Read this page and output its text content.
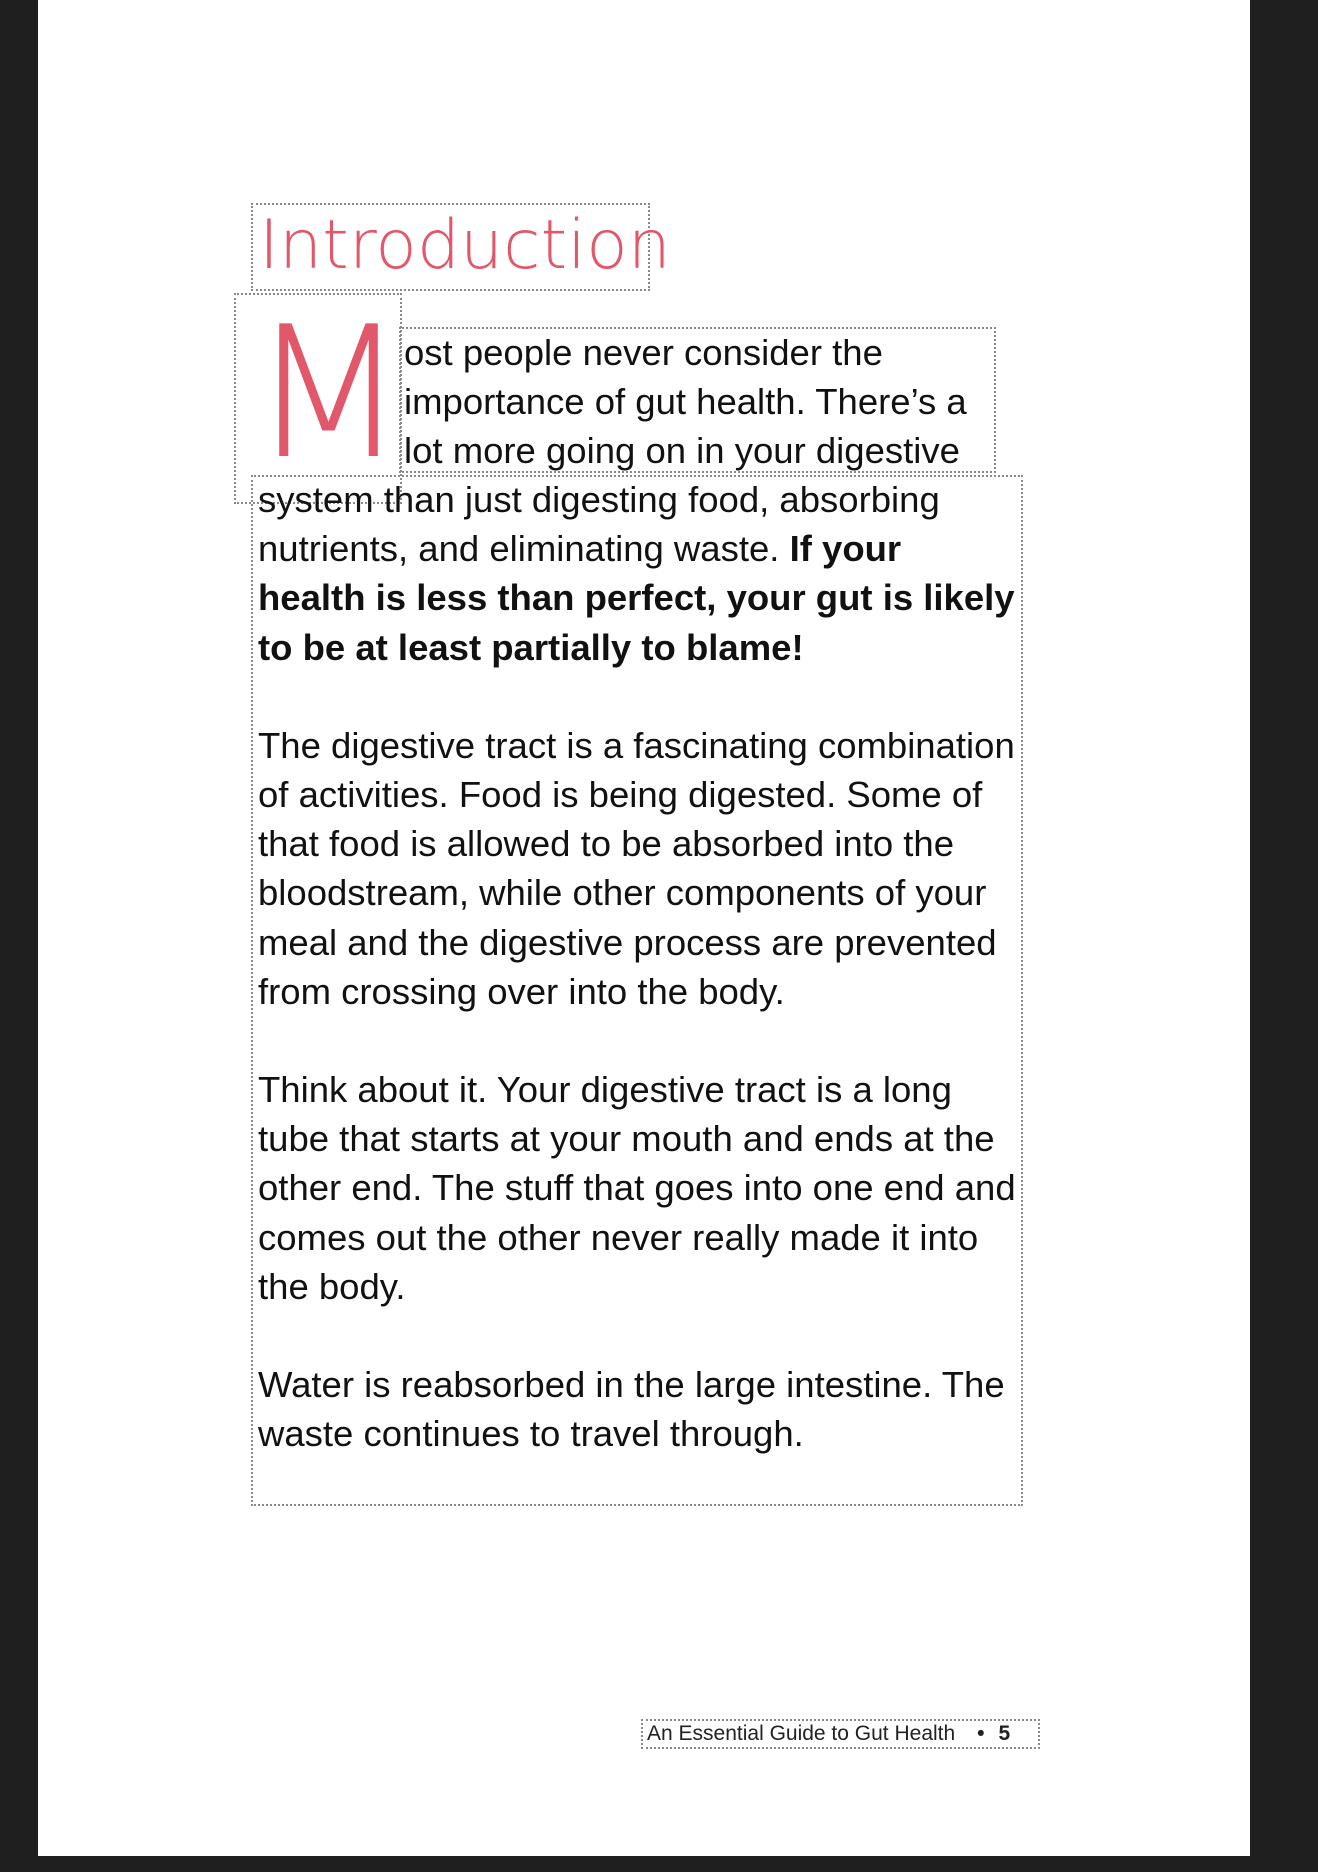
Introduction
M
ost people never consider the
importance of gut health. There’s a
lot more going on in your digestive

system than just digesting food, absorbing
nutrients, and eliminating waste. If your
health is less than perfect, your gut is likely
to be at least partially to blame!

The digestive tract is a fascinating combination of activities. Food is being digested. Some of that food is allowed to be absorbed into the bloodstream, while other components of your meal and the digestive process are prevented from crossing over into the body.

Think about it. Your digestive tract is a long tube that starts at your mouth and ends at the other end. The stuff that goes into one end and comes out the other never really made it into the body.

Water is reabsorbed in the large intestine. The waste continues to travel through.

An Essential Guide to Gut Health • 5
